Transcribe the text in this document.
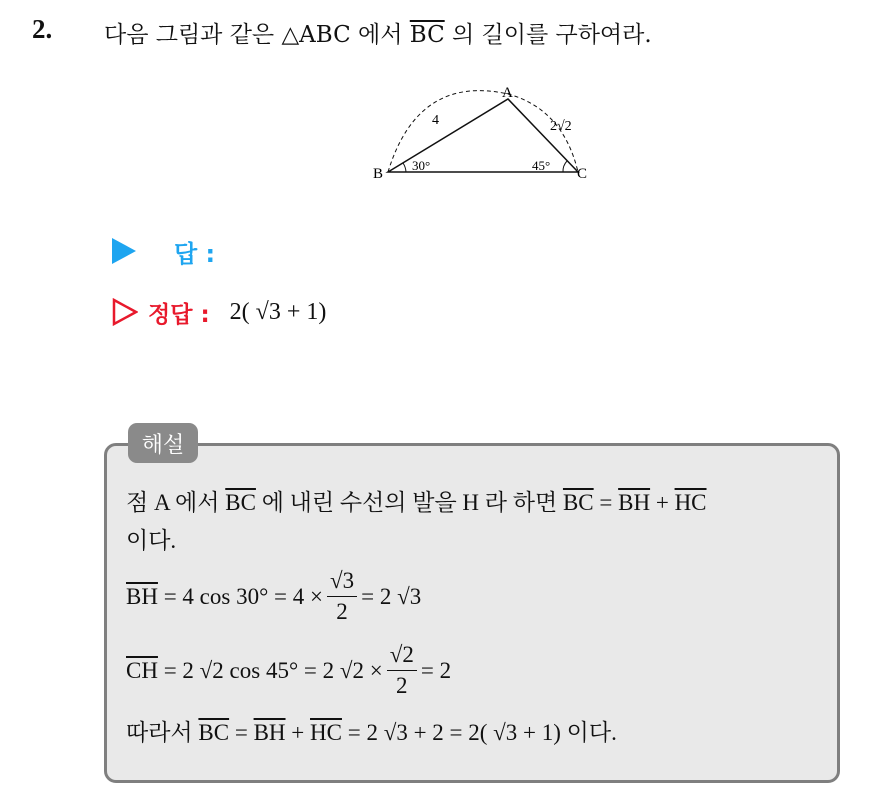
2. 다음 그림과 같은 △ABC 에서 $\overline{BC}$ 의 길이를 구하여라.
A
B	C
4	2√2
30°	45°
답 :
정답 : 2( √3 + 1)
해설
점 A 에서 $\overline{BC}$ 에 내린 수선의 발을 H 라 하면 $\overline{BC} = \overline{BH} + \overline{HC}$
이다.
$\overline{BH}$
= 4 $\cos 30^\circ = 4 \times \frac{√3}{2} = 2$ √3
$\overline{CH}$
= 2 √2 cos 45° = 2 $√2 \times \frac{√2}{2} = 2$
따라서 $\overline{BC} = \overline{BH} + \overline{HC} = 2$ √3 + 2 = 2( √3 + 1) 이다.
